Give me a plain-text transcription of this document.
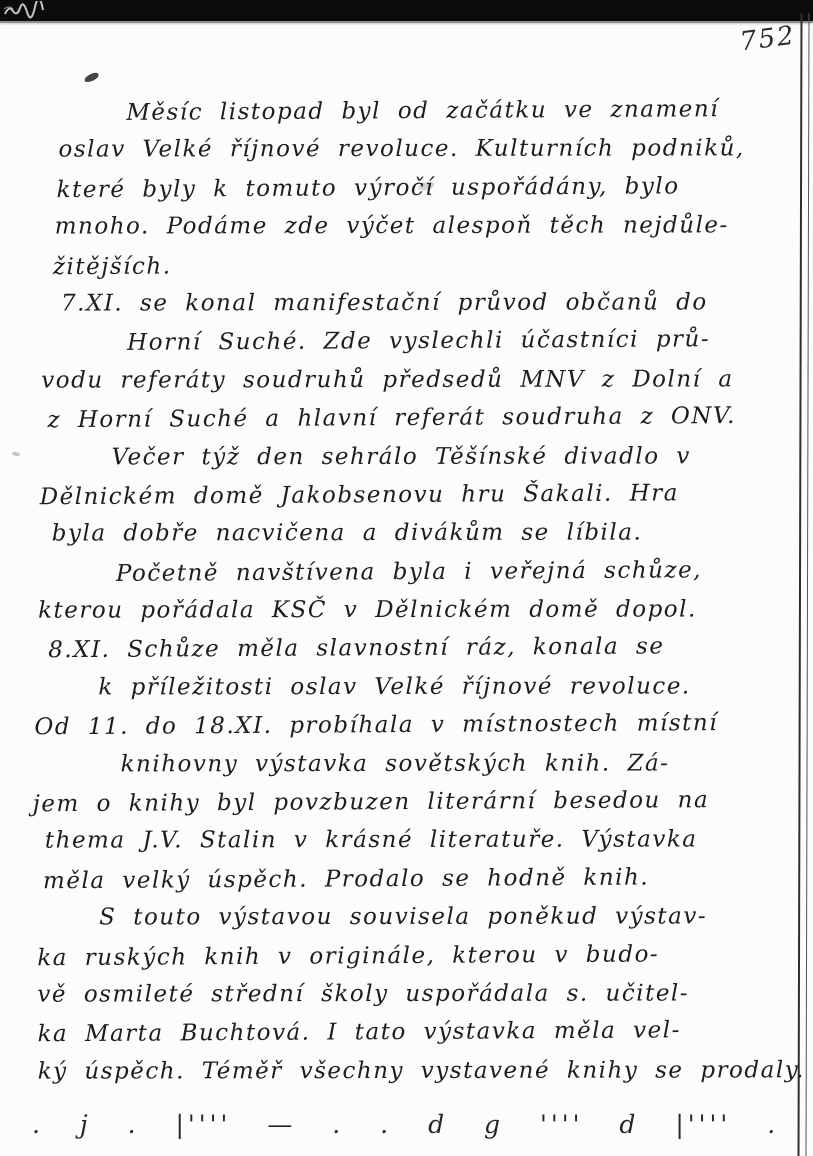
752
Měsíc listopad byl od začátku ve znamení
oslav Velké říjnové revoluce. Kulturních podniků,
které byly k tomuto výročí uspořádány, bylo
mnoho. Podáme zde výčet alespoň těch nejdůle-
žitějších.
7.XI. se konal manifestační průvod občanů do
Horní Suché. Zde vyslechli účastníci prů-
vodu referáty soudruhů předsedů MNV z Dolní a
z Horní Suché a hlavní referát soudruha z ONV.
Večer týž den sehrálo Těšínské divadlo v
Dělnickém domě Jakobsenovu hru Šakali. Hra
byla dobře nacvičena a divákům se líbila.
Početně navštívena byla i veřejná schůze,
kterou pořádala KSČ v Dělnickém domě dopol.
8.XI. Schůze měla slavnostní ráz, konala se
k příležitosti oslav Velké říjnové revoluce.
Od 11. do 18.XI. probíhala v místnostech místní
knihovny výstavka sovětských knih. Zá-
jem o knihy byl povzbuzen literární besedou na
thema J.V. Stalin v krásné literatuře. Výstavka
měla velký úspěch. Prodalo se hodně knih.
S touto výstavou souvisela poněkud výstav-
ka ruských knih v originále, kterou v budo-
vě osmileté střední školy uspořádala s. učitel-
ka Marta Buchtová. I tato výstavka měla vel-
ký úspěch. Téměř všechny vystavené knihy se prodaly.
. j . |'''' — . . d g '''' d |'''' .
